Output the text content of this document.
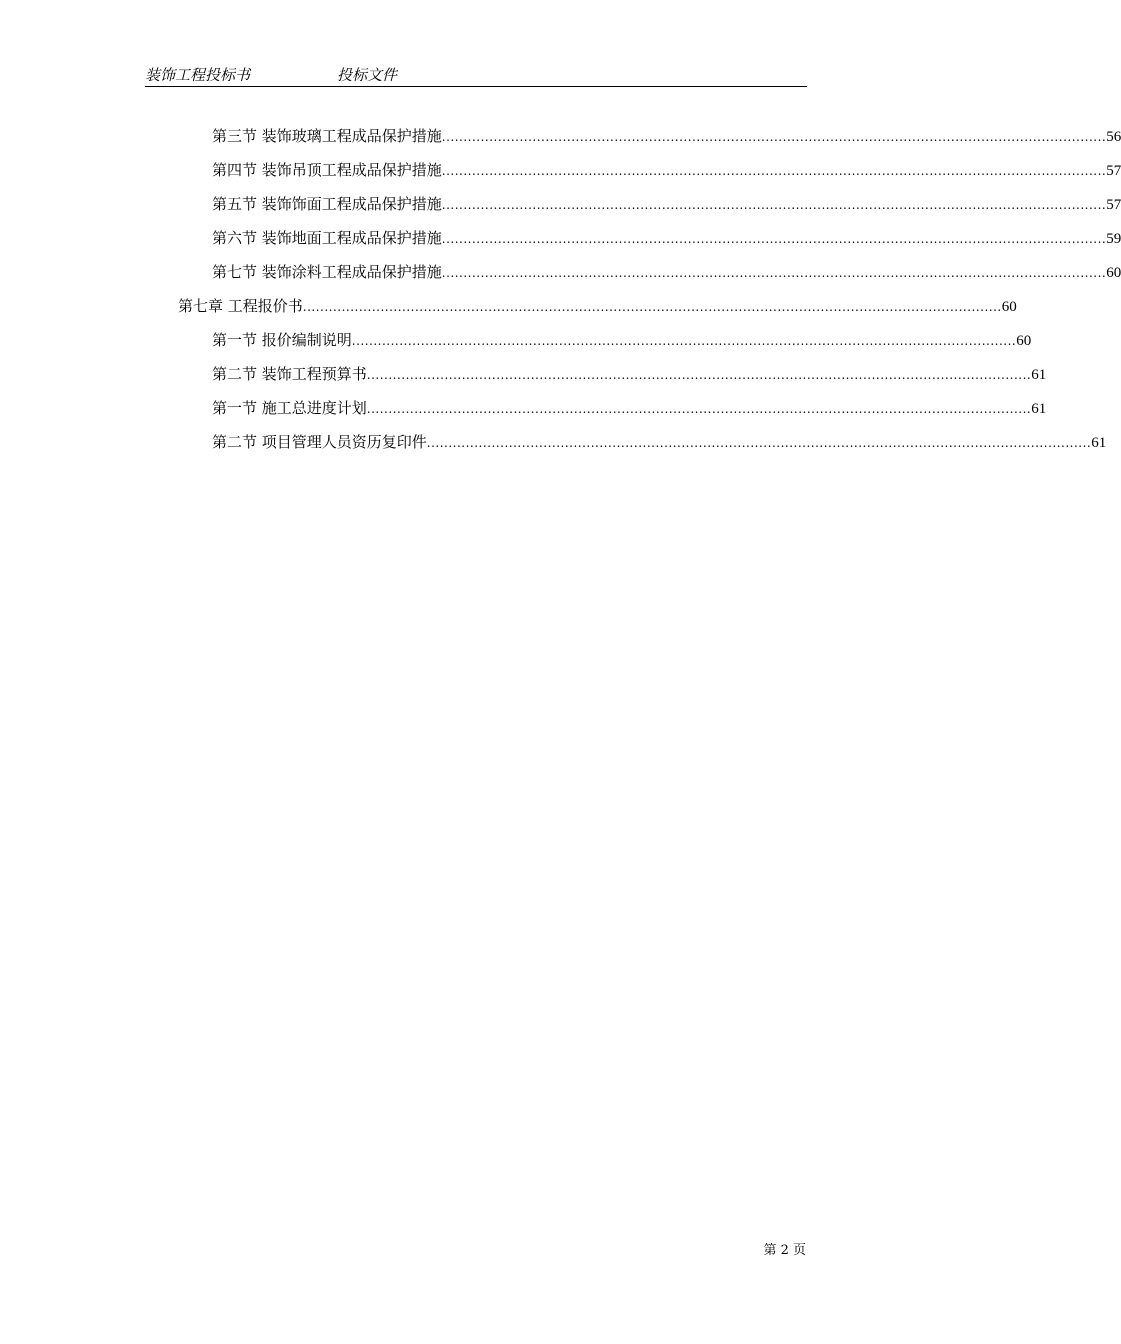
装饰工程投标书	投标文件
第三节 装饰玻璃工程成品保护措施 .......................................................................................................................................................... 56
第四节 装饰吊顶工程成品保护措施 .......................................................................................................................................................... 57
第五节 装饰饰面工程成品保护措施 .......................................................................................................................................................... 57
第六节 装饰地面工程成品保护措施 .......................................................................................................................................................... 59
第七节 装饰涂料工程成品保护措施 .......................................................................................................................................................... 60
第七章 工程报价书 .................................................................................................................................................................. 60
第一节 报价编制说明 .......................................................................................................................................................... 60
第二节 装饰工程预算书 .......................................................................................................................................................... 61
第一节 施工总进度计划 .......................................................................................................................................................... 61
第二节 项目管理人员资历复印件 .......................................................................................................................................................... 61
第 2 页
